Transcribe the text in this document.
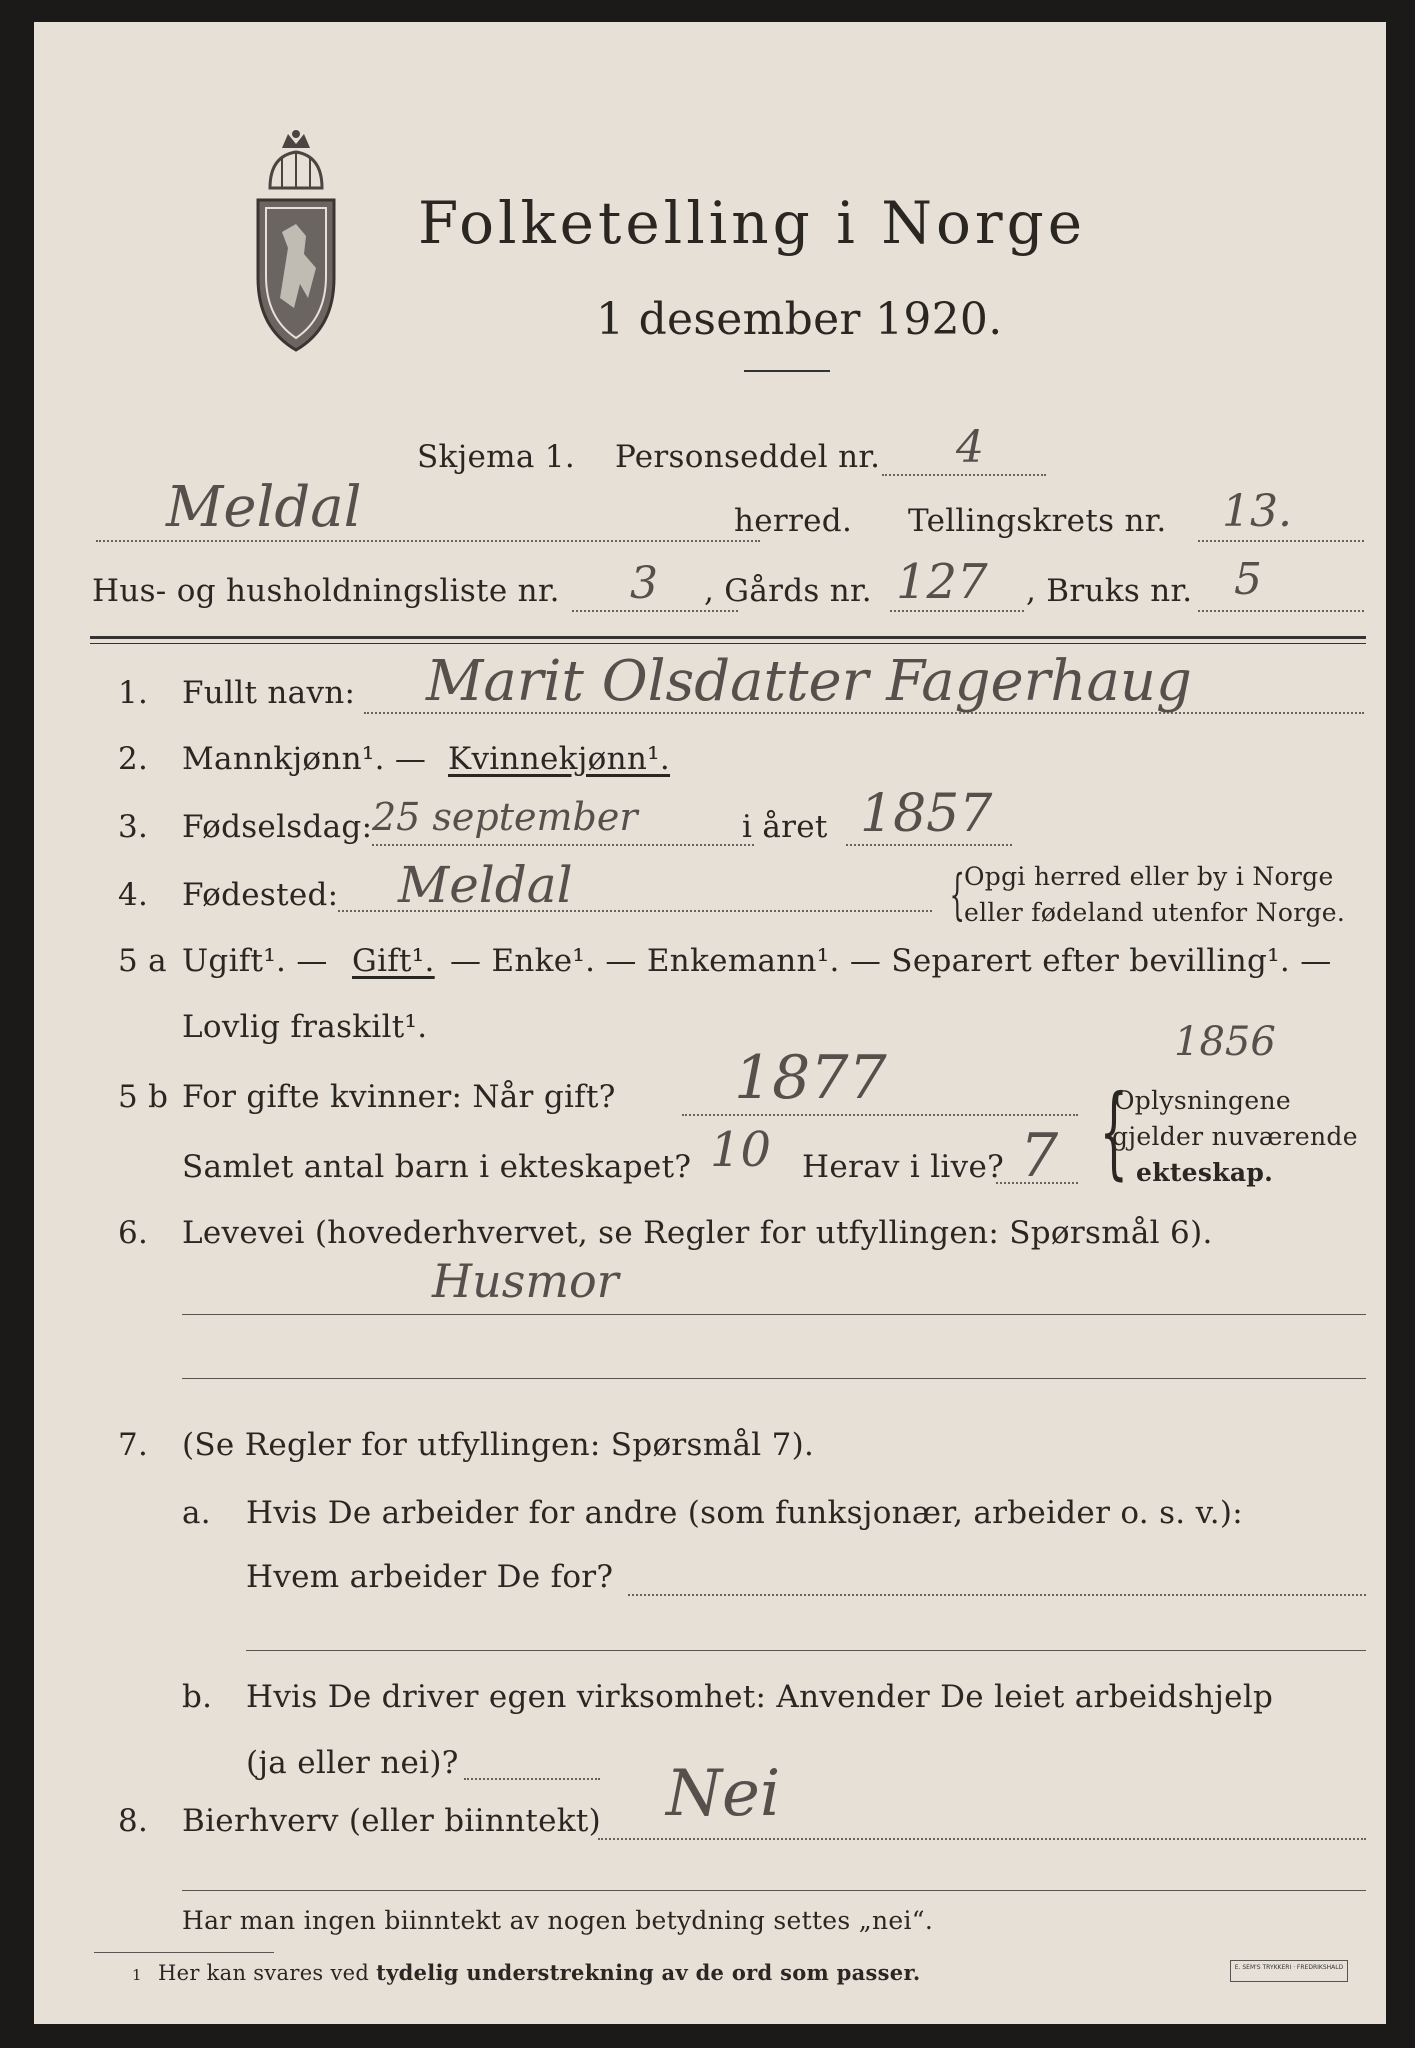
Folketelling i Norge
1 desember 1920.
Skjema 1. Personseddel nr. 4
Meldal	herred. Tellingskrets nr. 13.
Hus- og husholdningsliste nr. 3 , Gårds nr. 127 , Bruks nr. 5
1. Fullt navn: Marit Olsdatter Fagerhaug
2. Mannkjønn¹. — Kvinnekjønn¹.
3. Fødselsdag: 25 september	i året 1857
4. Fødested: Meldal	{ Opgi herred eller by i Norge
eller fødeland utenfor Norge.
5 a Ugift¹. — Gift¹. — Enke¹. — Enkemann¹. — Separert efter bevilling¹. —
Lovlig fraskilt¹.
5 b For gifte kvinner: Når gift? 1877
1856
Samlet antal barn i ekteskapet? 10 Herav i live? 7 {
Oplysningene
gjelder nuværende
ekteskap.
6. Levevei (hovederhvervet, se Regler for utfyllingen: Spørsmål 6).
Husmor
7. (Se Regler for utfyllingen: Spørsmål 7).
a. Hvis De arbeider for andre (som funksjonær, arbeider o. s. v.):
Hvem arbeider De for?
b. Hvis De driver egen virksomhet: Anvender De leiet arbeidshjelp
(ja eller nei)?
8. Bierhverv (eller biinntekt) Nei
Har man ingen biinntekt av nogen betydning settes „nei“.
1 Her kan svares ved tydelig understrekning av de ord som passer.	E. SEM'S TRYKKERI · FREDRIKSHALD
